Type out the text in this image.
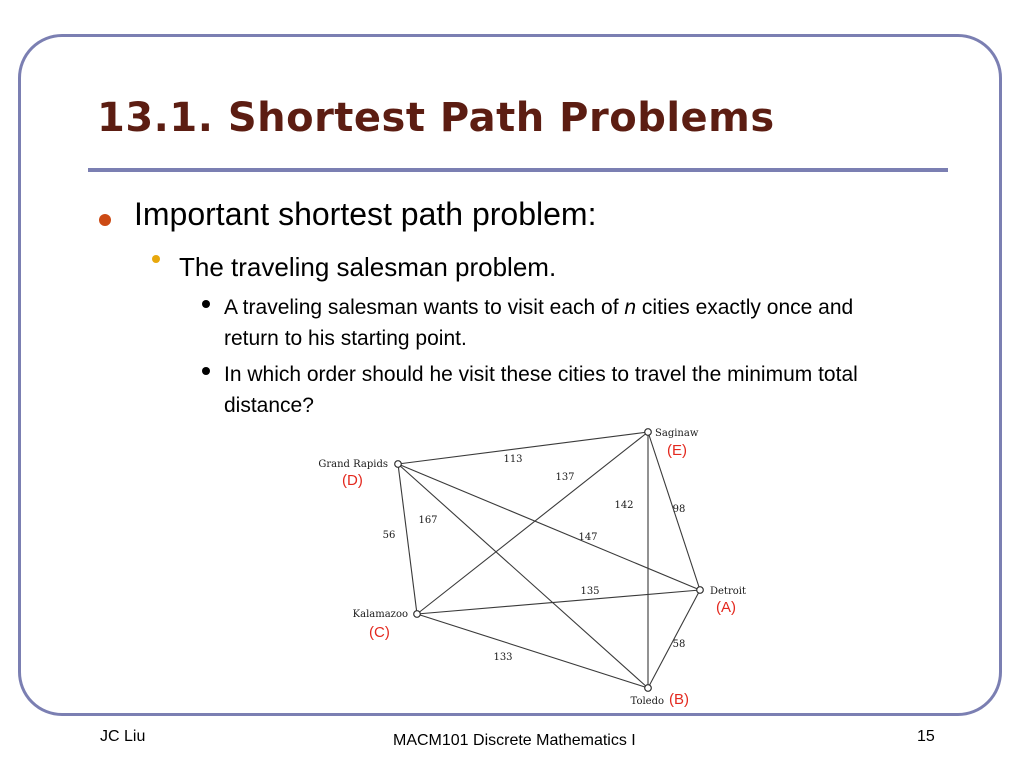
13.1. Shortest Path Problems

Important shortest path problem:

The traveling salesman problem.

A traveling salesman wants to visit each of n cities exactly once and return to his starting point.

In which order should he visit these cities to travel the minimum total distance?

113
137
142	98
147
167
56
135
133
58
Detroit
(A)
Toledo (B)
Kalamazoo
(C)
Grand Rapids
(D)
Saginaw
(E)
JC Liu	MACM101 Discrete Mathematics I	15
